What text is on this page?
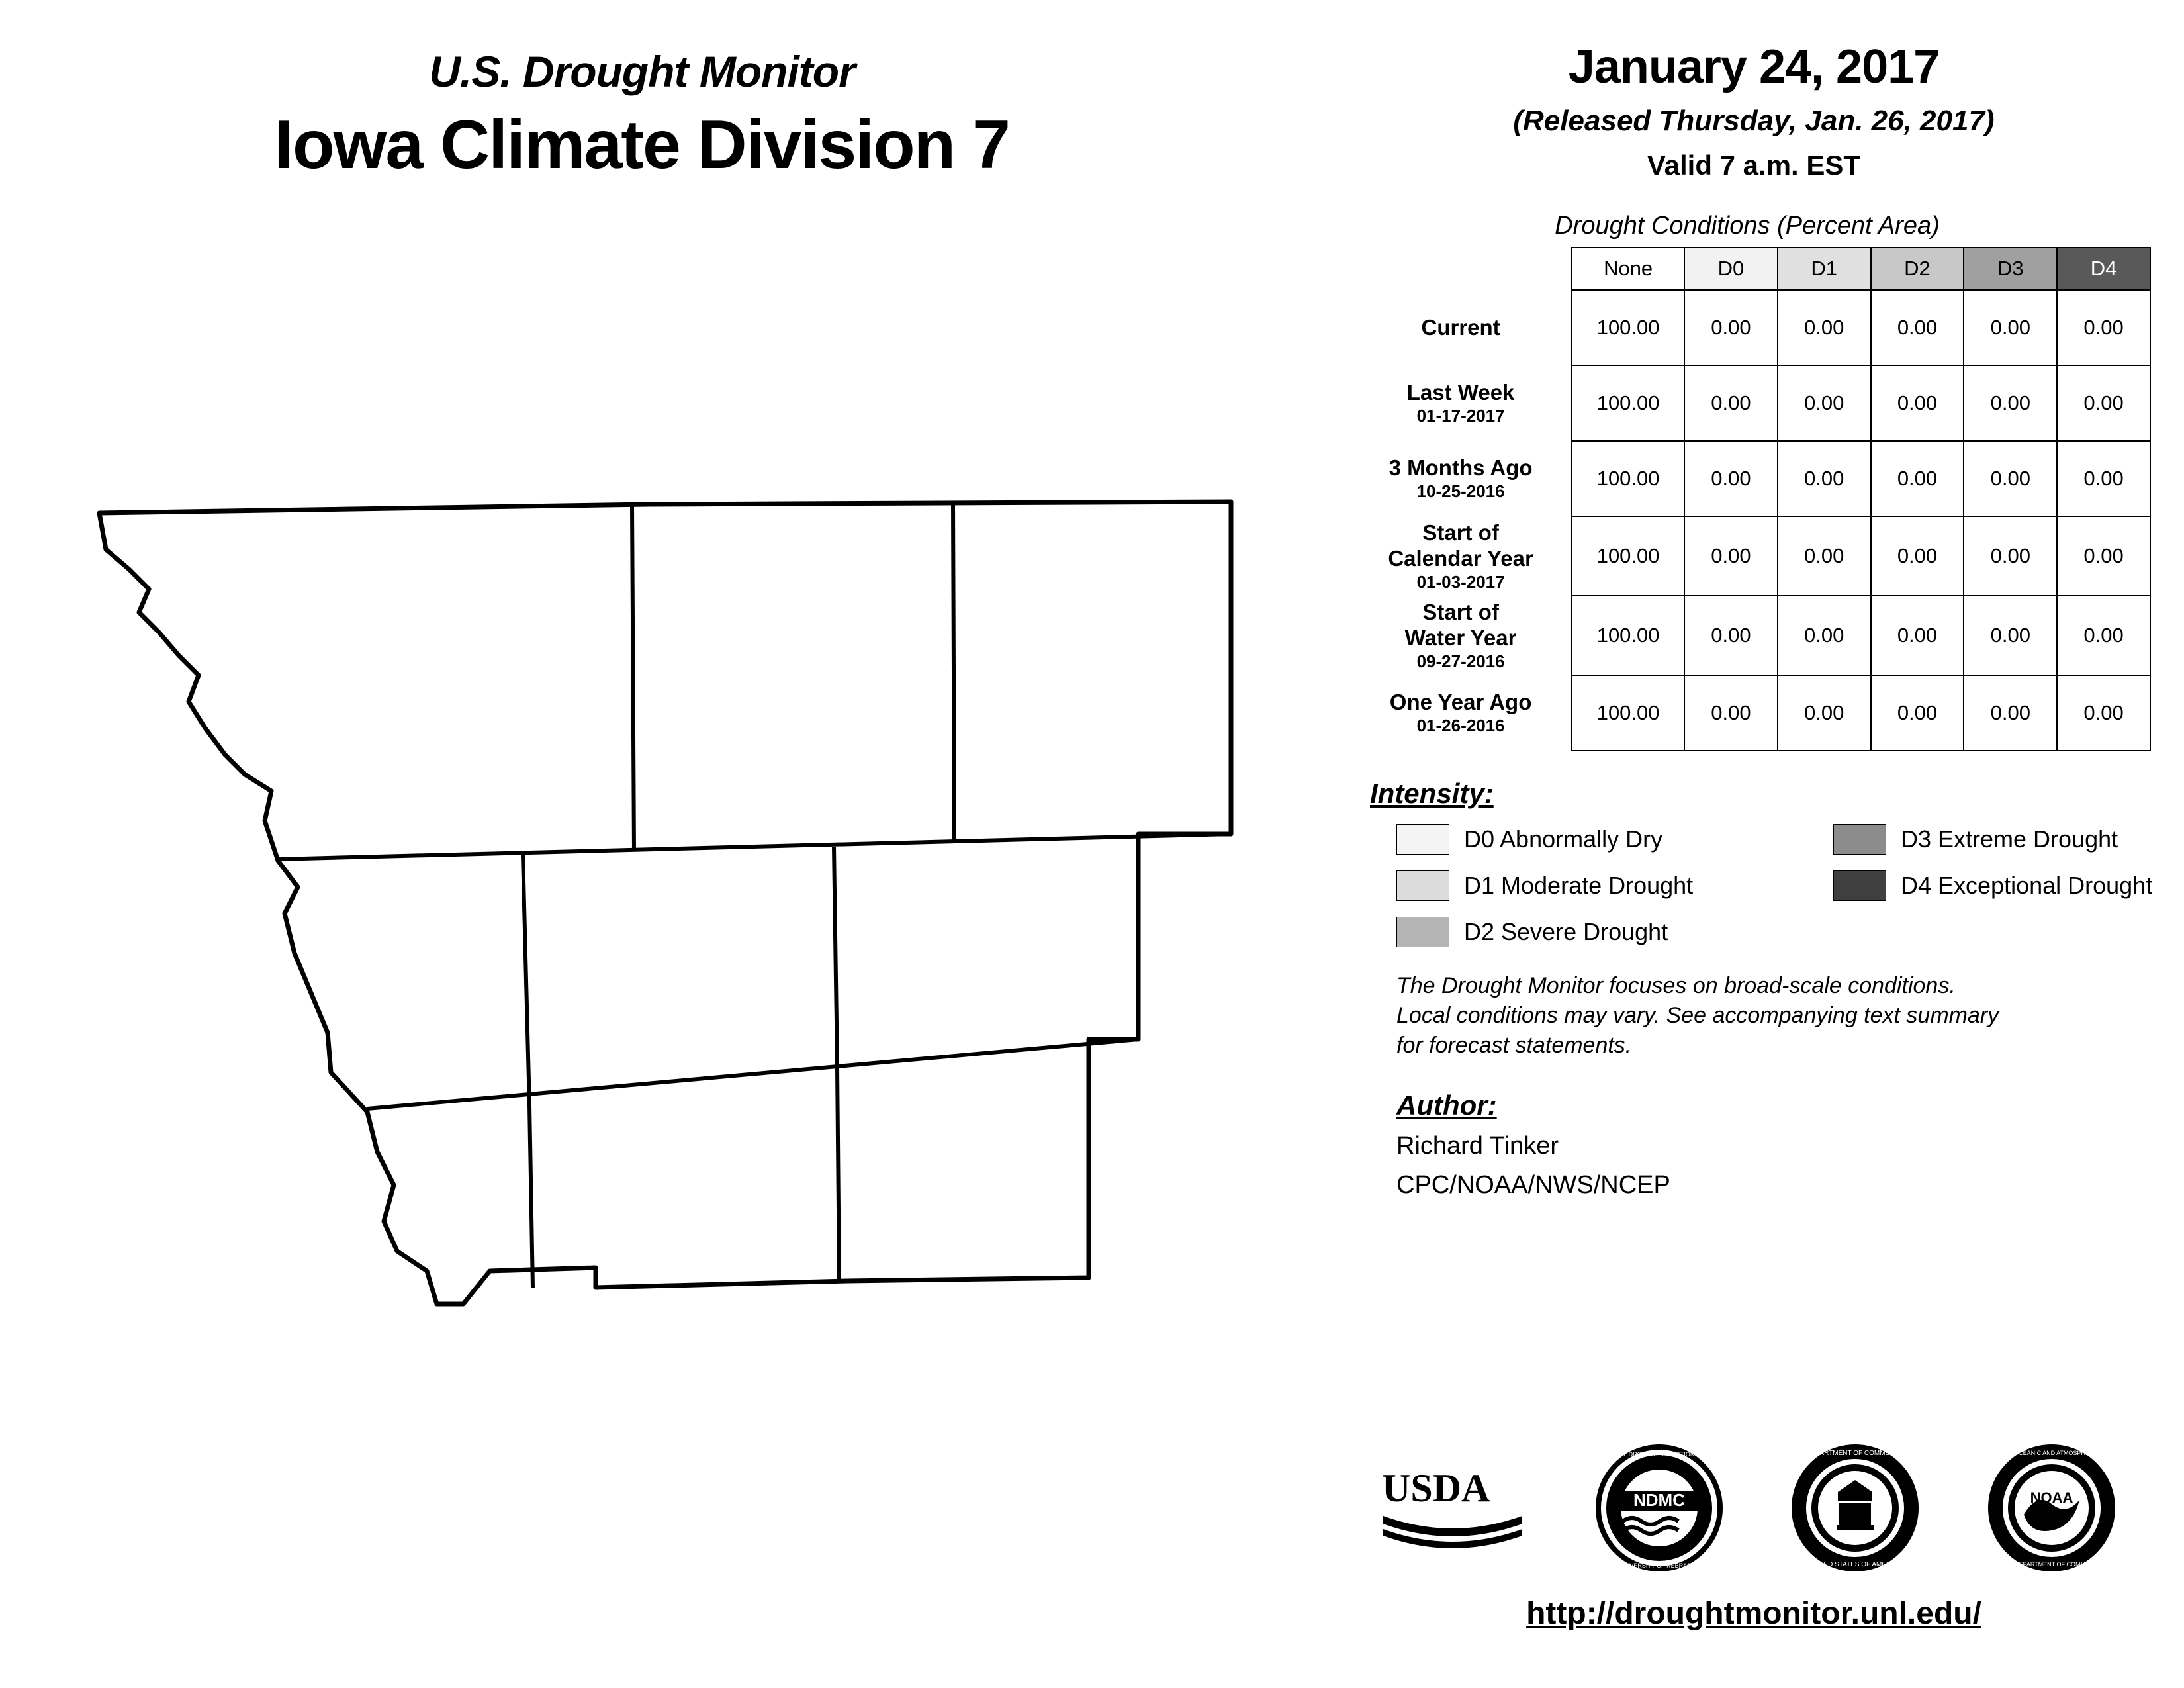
U.S. Drought Monitor
Iowa Climate Division 7
January 24, 2017
(Released Thursday, Jan. 26, 2017)
Valid 7 a.m. EST
Drought Conditions (Percent Area)
	None	D0	D1	D2	D3	D4

Current	100.00	0.00	0.00	0.00	0.00	0.00

Last Week
01-17-2017	100.00	0.00	0.00	0.00	0.00	0.00

3 Months Ago
10-25-2016	100.00	0.00	0.00	0.00	0.00	0.00

Start of
Calendar Year
01-03-2017	100.00	0.00	0.00	0.00	0.00	0.00

Start of
Water Year
09-27-2016	100.00	0.00	0.00	0.00	0.00	0.00

One Year Ago
01-26-2016	100.00	0.00	0.00	0.00	0.00	0.00
Intensity:
D0 Abnormally Dry	D3 Extreme Drought
D1 Moderate Drought	D4 Exceptional Drought
D2 Severe Drought
The Drought Monitor focuses on broad-scale conditions.
Local conditions may vary. See accompanying text summary
for forecast statements.
Author:
Richard Tinker
CPC/NOAA/NWS/NCEP
USDA	NDMC
NATIONAL DROUGHT MITIGATION CENTER
UNIVERSITY OF NEBRASKA
DEPARTMENT OF COMMERCE
UNITED STATES OF AMERICA
NOAA
NATIONAL OCEANIC AND ATMOSPHERIC ADMIN
U.S. DEPARTMENT OF COMMERCE
http://droughtmonitor.unl.edu/
